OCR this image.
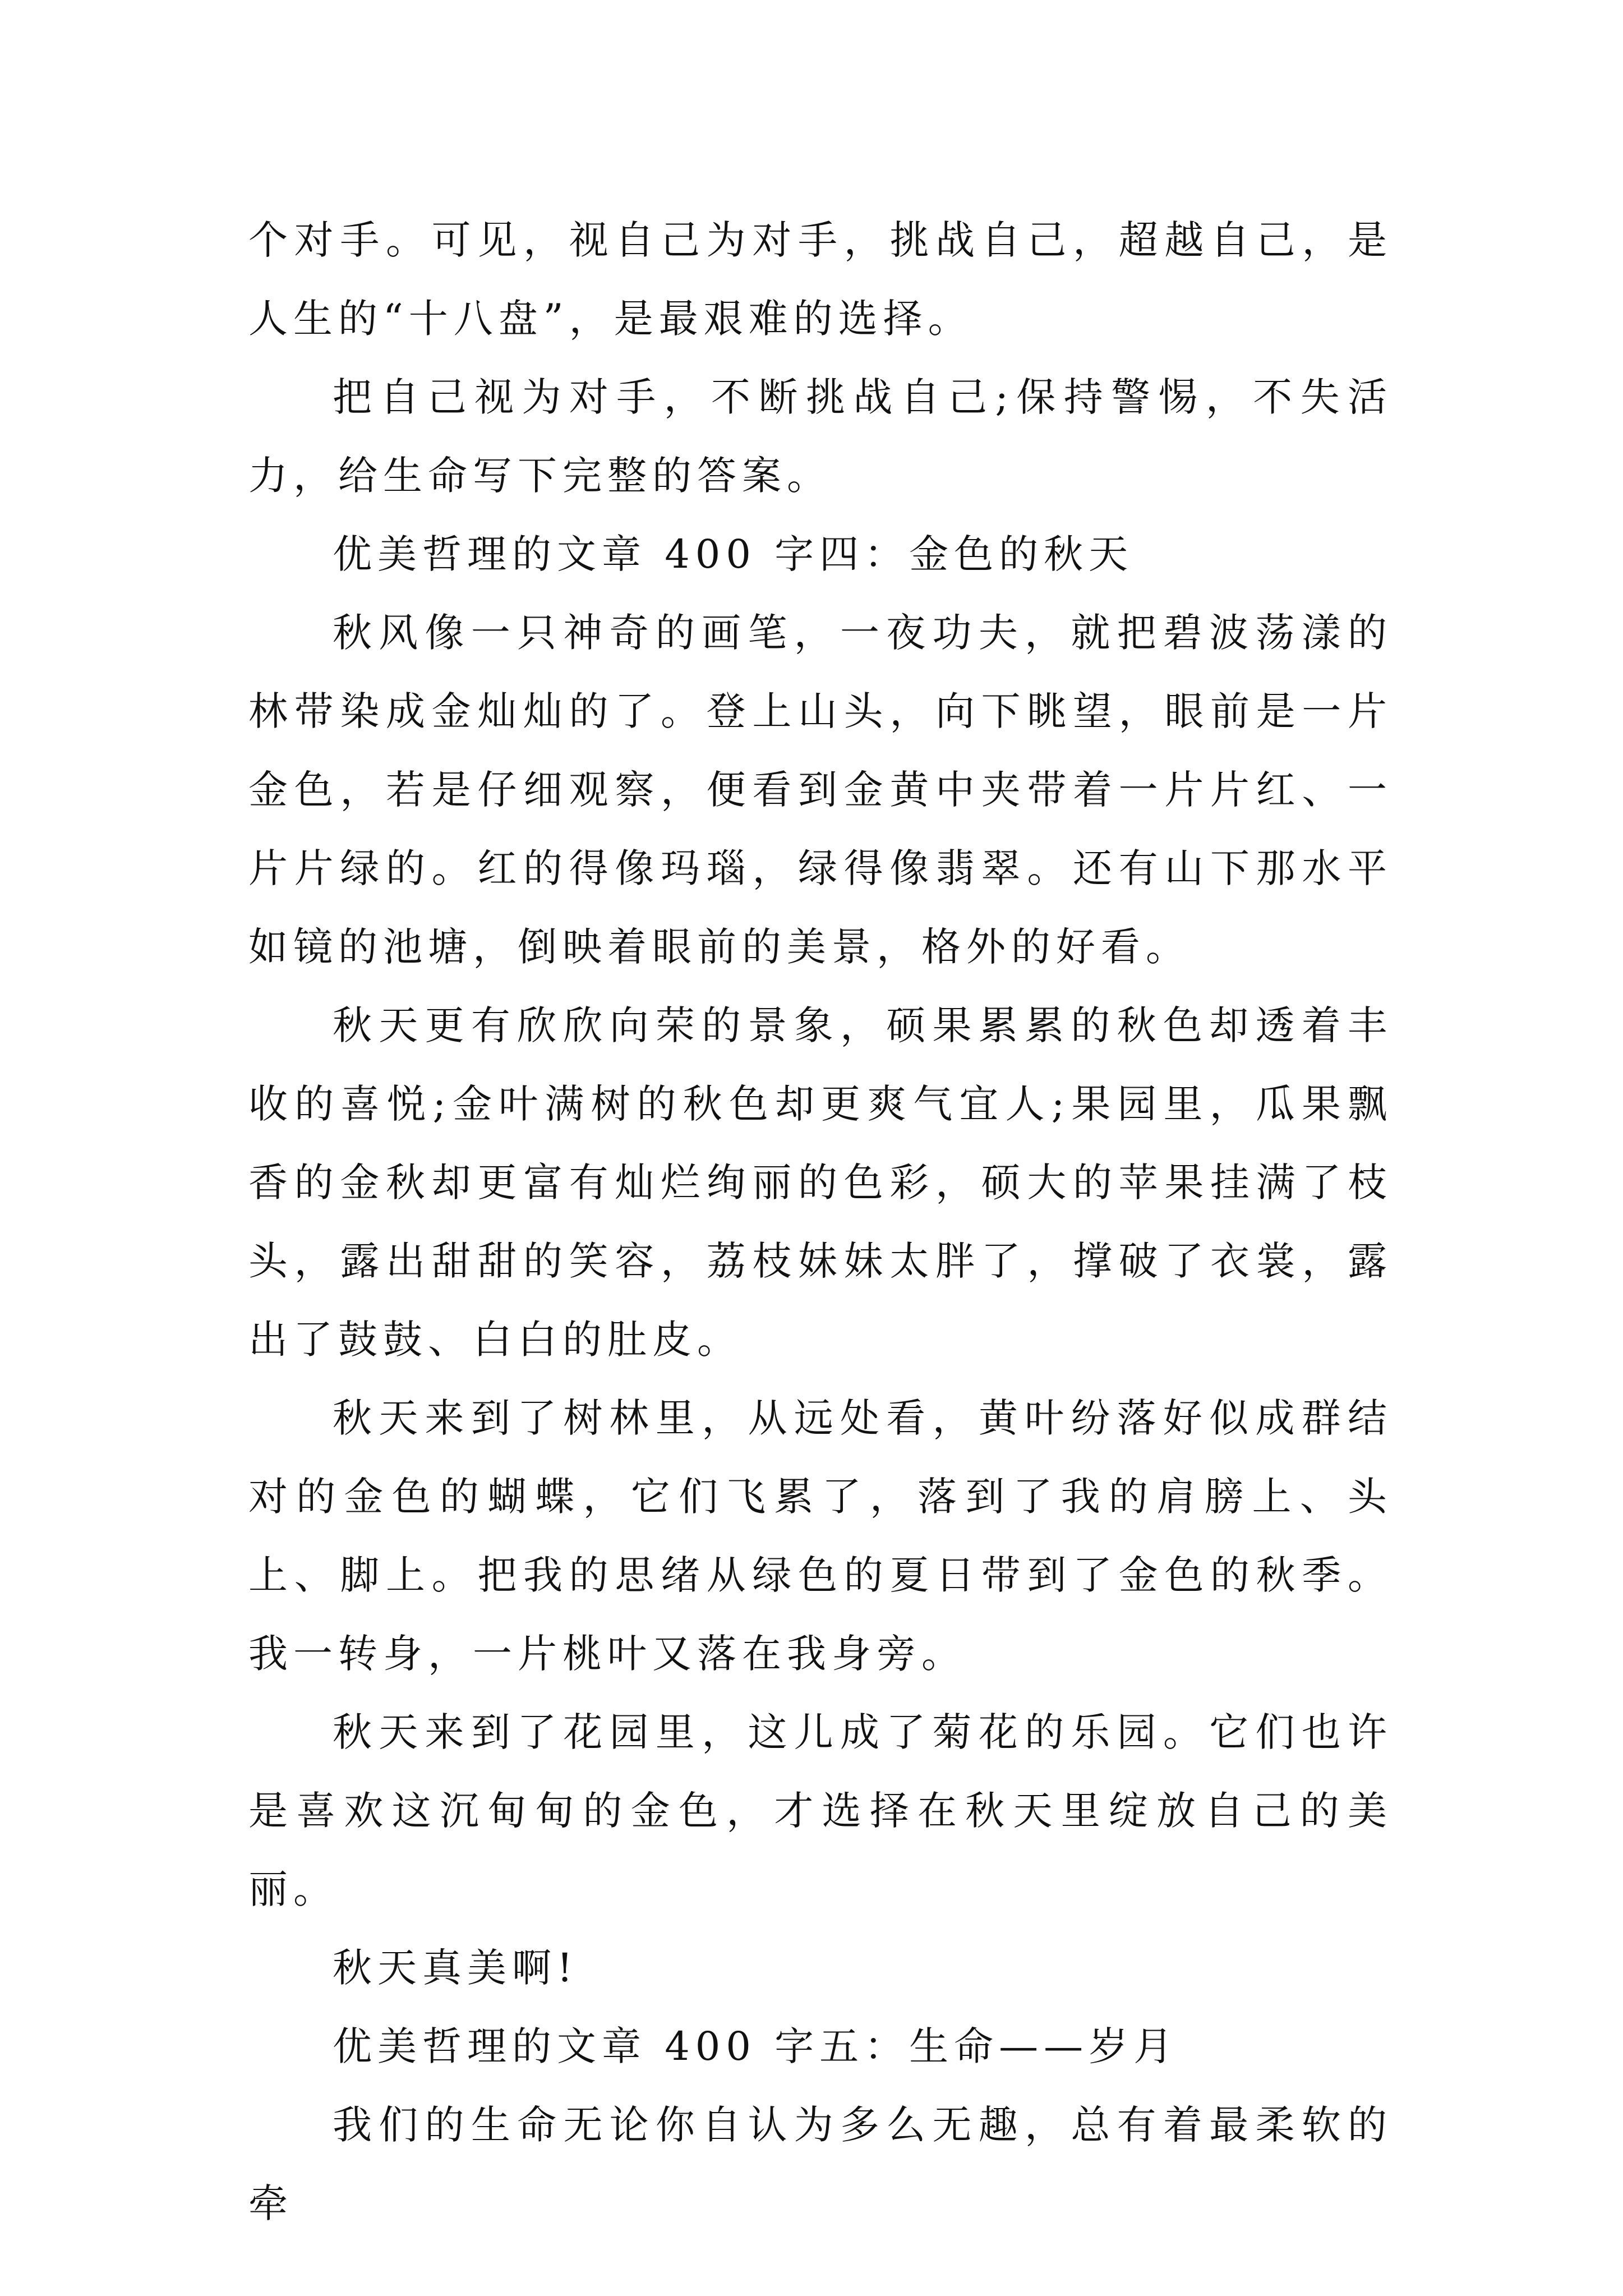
个对手。可见，视自己为对手，挑战自己，超越自己，是人生的“十八盘”，是最艰难的选择。

把自己视为对手，不断挑战自己;保持警惕，不失活力，给生命写下完整的答案。

优美哲理的文章 400 字四：金色的秋天

秋风像一只神奇的画笔，一夜功夫，就把碧波荡漾的林带染成金灿灿的了。登上山头，向下眺望，眼前是一片金色，若是仔细观察，便看到金黄中夹带着一片片红、一片片绿的。红的得像玛瑙，绿得像翡翠。还有山下那水平如镜的池塘，倒映着眼前的美景，格外的好看。

秋天更有欣欣向荣的景象，硕果累累的秋色却透着丰收的喜悦;金叶满树的秋色却更爽气宜人;果园里，瓜果飘香的金秋却更富有灿烂绚丽的色彩，硕大的苹果挂满了枝头，露出甜甜的笑容，荔枝妹妹太胖了，撑破了衣裳，露出了鼓鼓、白白的肚皮。

秋天来到了树林里，从远处看，黄叶纷落好似成群结对的金色的蝴蝶，它们飞累了，落到了我的肩膀上、头上、脚上。把我的思绪从绿色的夏日带到了金色的秋季。我一转身，一片桃叶又落在我身旁。

秋天来到了花园里，这儿成了菊花的乐园。它们也许是喜欢这沉甸甸的金色，才选择在秋天里绽放自己的美丽。

秋天真美啊!

优美哲理的文章 400 字五：生命——岁月

我们的生命无论你自认为多么无趣，总有着最柔软的牵
